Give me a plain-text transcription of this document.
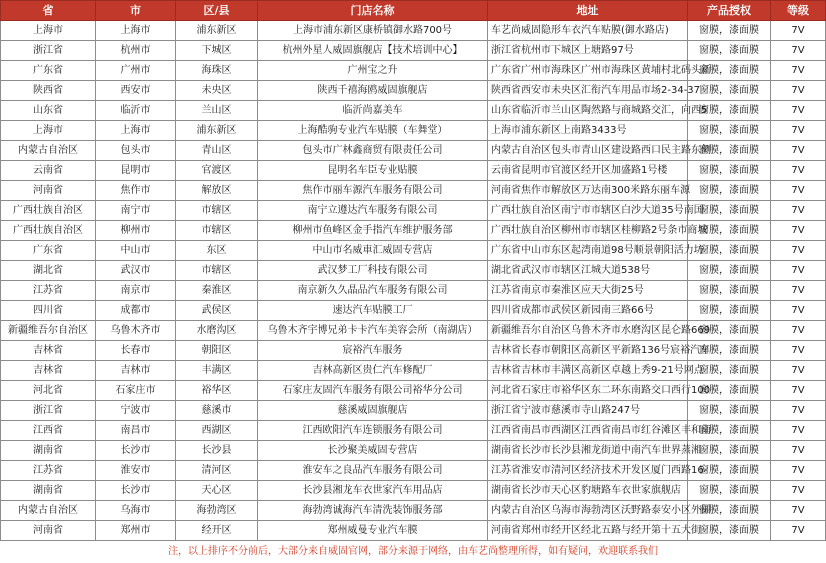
省	市	区/县	门店名称	地址	产品授权	等级
上海市	上海市	浦东新区	上海市浦东新区康桥镇御水路700号	车艺尚威固隐形车衣汽车贴膜(御水路店)	窗膜，漆面膜	7V
浙江省	杭州市	下城区	杭州外星人威固旗舰店【技术培训中心】	浙江省杭州市下城区上塘路97号	窗膜，漆面膜	7V
广东省	广州市	海珠区	广州宝之升	广东省广州市海珠区广州市海珠区黄埔村北码头新	窗膜，漆面膜	7V
陕西省	西安市	未央区	陕西千禧海鸥威固旗舰店	陕西省西安市未央区汇衔汽车用品市场2-34-37	窗膜，漆面膜	7V
山东省	临沂市	兰山区	临沂尚嘉美车	山东省临沂市兰山区陶然路与商城路交汇，向西5	窗膜，漆面膜	7V
上海市	上海市	浦东新区	上海酷驹专业汽车贴膜（车舞堂）	上海市浦东新区上南路3433号	窗膜，漆面膜	7V
内蒙古自治区	包头市	青山区	包头市广林鑫商贸有限责任公司	内蒙古自治区包头市青山区建设路西口民主路东侧	窗膜，漆面膜	7V
云南省	昆明市	官渡区	昆明名车臣专业贴膜	云南省昆明市官渡区经开区加盛路1号楼	窗膜，漆面膜	7V
河南省	焦作市	解放区	焦作市丽车源汽车服务有限公司	河南省焦作市解放区万达南300米路东丽车源	窗膜，漆面膜	7V
广西壮族自治区	南宁市	市辖区	南宁立遵达汽车服务有限公司	广西壮族自治区南宁市市辖区白沙大道35号南国	窗膜，漆面膜	7V
广西壮族自治区	柳州市	市辖区	柳州市鱼峰区金手指汽车维护服务部	广西壮族自治区柳州市市辖区桂柳路2号条市商城	窗膜，漆面膜	7V
广东省	中山市	东区	中山市名威車汇威固专营店	广东省中山市东区起湾南道98号顺景朝阳活力坊	窗膜，漆面膜	7V
湖北省	武汉市	市辖区	武汉梦工厂科技有限公司	湖北省武汉市市辖区江城大道538号	窗膜，漆面膜	7V
江苏省	南京市	秦淮区	南京新久久晶品汽车服务有限公司	江苏省南京市秦淮区应天大街25号	窗膜，漆面膜	7V
四川省	成都市	武侯区	速达汽车贴膜工厂	四川省成都市武侯区新园南三路66号	窗膜，漆面膜	7V
新疆维吾尔自治区	乌鲁木齐市	水磨沟区	乌鲁木齐宇博兄弟卡卡汽车美容会所（南湖店）	新疆维吾尔自治区乌鲁木齐市水磨沟区昆仑路669	窗膜，漆面膜	7V
吉林省	长春市	朝阳区	宸裕汽车服务	吉林省长春市朝阳区高新区平新路136号宸裕汽车	窗膜，漆面膜	7V
吉林省	吉林市	丰满区	吉林高新区贵仁汽车修配厂	吉林省吉林市丰满区高新区卓越上秀9-21号网点	窗膜，漆面膜	7V
河北省	石家庄市	裕华区	石家庄友固汽车服务有限公司裕华分公司	河北省石家庄市裕华区东二环东南路交口西行100	窗膜，漆面膜	7V
浙江省	宁波市	慈溪市	慈溪威固旗舰店	浙江省宁波市慈溪市寺山路247号	窗膜，漆面膜	7V
江西省	南昌市	西湖区	江西欧阳汽车连锁服务有限公司	江西省南昌市西湖区江西省南昌市红谷滩区丰和南	窗膜，漆面膜	7V
湖南省	长沙市	长沙县	长沙聚美威固专营店	湖南省长沙市长沙县湘龙街道中南汽车世界蒸湘	窗膜，漆面膜	7V
江苏省	淮安市	清河区	淮安车之良品汽车服务有限公司	江苏省淮安市清河区经济技术开发区厦门西路16-	窗膜，漆面膜	7V
湖南省	长沙市	天心区	长沙县湘龙车衣世家汽车用品店	湖南省长沙市天心区豹塘路车衣世家旗舰店	窗膜，漆面膜	7V
内蒙古自治区	乌海市	海勃湾区	海勃湾诚海汽车清洗装饰服务部	内蒙古自治区乌海市海勃湾区沃野路泰安小区外围	窗膜，漆面膜	7V
河南省	郑州市	经开区	郑州威曼专业汽车膜	河南省郑州市经开区经北五路与经开第十五大街	窗膜，漆面膜	7V
注，以上排序不分前后，大部分来自威固官网，部分来源于网络，由车艺尚整理所得，如有疑问，欢迎联系我们						
